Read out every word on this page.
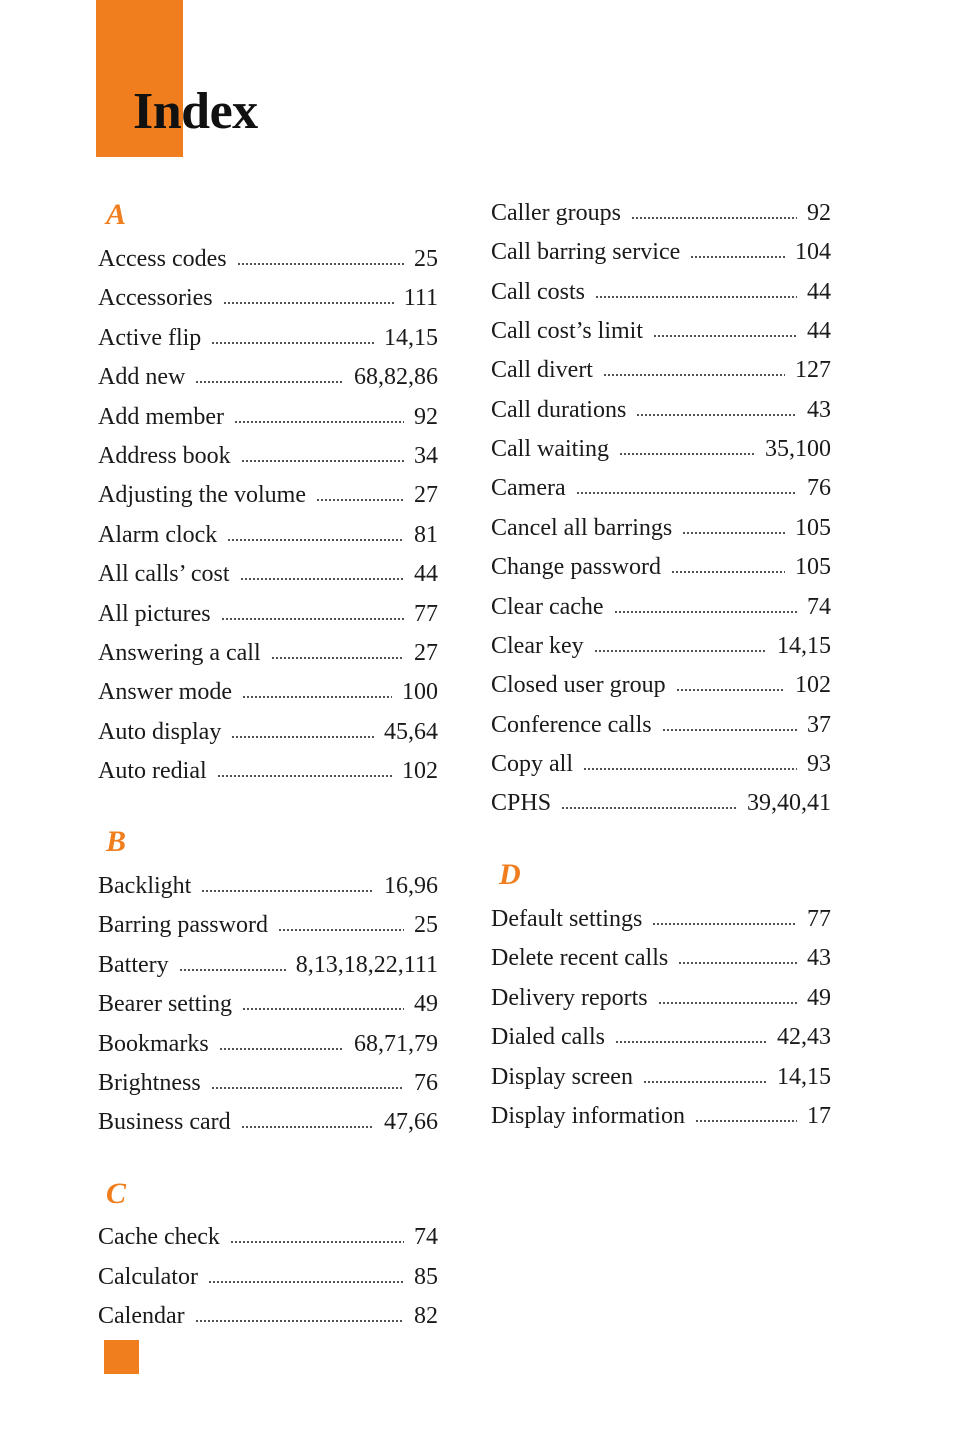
Index
A
Access codes	25
Accessories	111
Active flip	14,15
Add new	68,82,86
Add member	92
Address book	34
Adjusting the volume	27
Alarm clock	81
All calls’ cost	44
All pictures	77
Answering a call	27
Answer mode	100
Auto display	45,64
Auto redial	102
B
Backlight	16,96
Barring password	25
Battery	8,13,18,22,111
Bearer setting	49
Bookmarks	68,71,79
Brightness	76
Business card	47,66
C
Cache check	74
Calculator	85
Calendar	82
Caller groups	92
Call barring service	104
Call costs	44
Call cost’s limit	44
Call divert	127
Call durations	43
Call waiting	35,100
Camera	76
Cancel all barrings	105
Change password	105
Clear cache	74
Clear key	14,15
Closed user group	102
Conference calls	37
Copy all	93
CPHS	39,40,41
D
Default settings	77
Delete recent calls	43
Delivery reports	49
Dialed calls	42,43
Display screen	14,15
Display information	17
